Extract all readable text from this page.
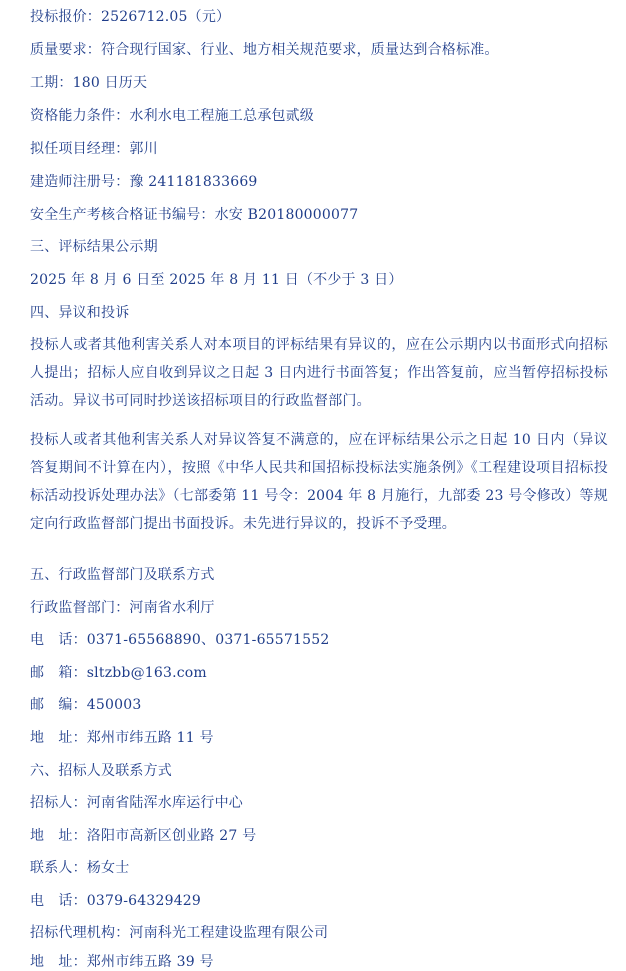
投标报价：2526712.05（元）
质量要求：符合现行国家、行业、地方相关规范要求，质量达到合格标准。
工期：180 日历天
资格能力条件：水利水电工程施工总承包贰级
拟任项目经理：郭川
建造师注册号：豫 241181833669
安全生产考核合格证书编号：水安 B20180000077
三、评标结果公示期
2025 年 8 月 6 日至 2025 年 8 月 11 日（不少于 3 日）
四、异议和投诉
投标人或者其他利害关系人对本项目的评标结果有异议的，应在公示期内以书面形式向招标人提出；招标人应自收到异议之日起 3 日内进行书面答复；作出答复前，应当暂停招标投标活动。异议书可同时抄送该招标项目的行政监督部门。
投标人或者其他利害关系人对异议答复不满意的，应在评标结果公示之日起 10 日内（异议答复期间不计算在内），按照《中华人民共和国招标投标法实施条例》《工程建设项目招标投标活动投诉处理办法》（七部委第 11 号令：2004 年 8 月施行，九部委 23 号令修改）等规定向行政监督部门提出书面投诉。未先进行异议的，投诉不予受理。
五、行政监督部门及联系方式
行政监督部门：河南省水利厅
电　话：0371-65568890、0371-65571552
邮　箱：sltzbb@163.com
邮　编：450003
地　址：郑州市纬五路 11 号
六、招标人及联系方式
招标人：河南省陆浑水库运行中心
地　址：洛阳市高新区创业路 27 号
联系人：杨女士
电　话：0379-64329429
招标代理机构：河南科光工程建设监理有限公司
地　址：郑州市纬五路 39 号
